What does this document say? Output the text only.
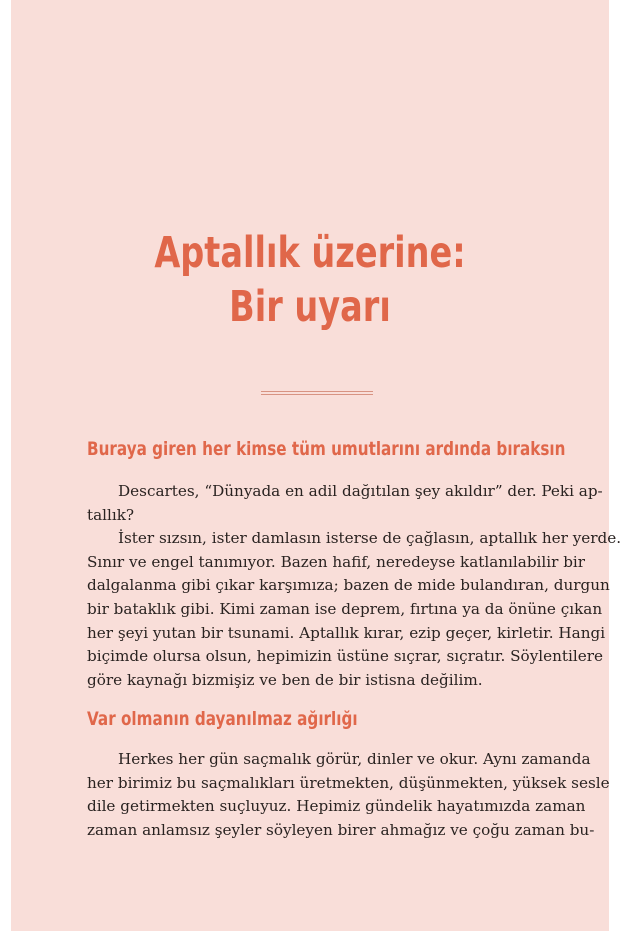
Aptallık üzerine:
Bir uyarı
Buraya giren her kimse tüm umutlarını ardında bıraksın
Descartes, “Dünyada en adil dağıtılan şey akıldır” der. Peki ap-
tallık?
İster sızsın, ister damlasın isterse de çağlasın, aptallık her yerde.
Sınır ve engel tanımıyor. Bazen hafif, neredeyse katlanılabilir bir
dalgalanma gibi çıkar karşımıza; bazen de mide bulandıran, durgun
bir bataklık gibi. Kimi zaman ise deprem, fırtına ya da önüne çıkan
her şeyi yutan bir tsunami. Aptallık kırar, ezip geçer, kirletir. Hangi
biçimde olursa olsun, hepimizin üstüne sıçrar, sıçratır. Söylentilere
göre kaynağı bizmişiz ve ben de bir istisna değilim.
Var olmanın dayanılmaz ağırlığı
Herkes her gün saçmalık görür, dinler ve okur. Aynı zamanda
her birimiz bu saçmalıkları üretmekten, düşünmekten, yüksek sesle
dile getirmekten suçluyuz. Hepimiz gündelik hayatımızda zaman
zaman anlamsız şeyler söyleyen birer ahmağız ve çoğu zaman bu-
